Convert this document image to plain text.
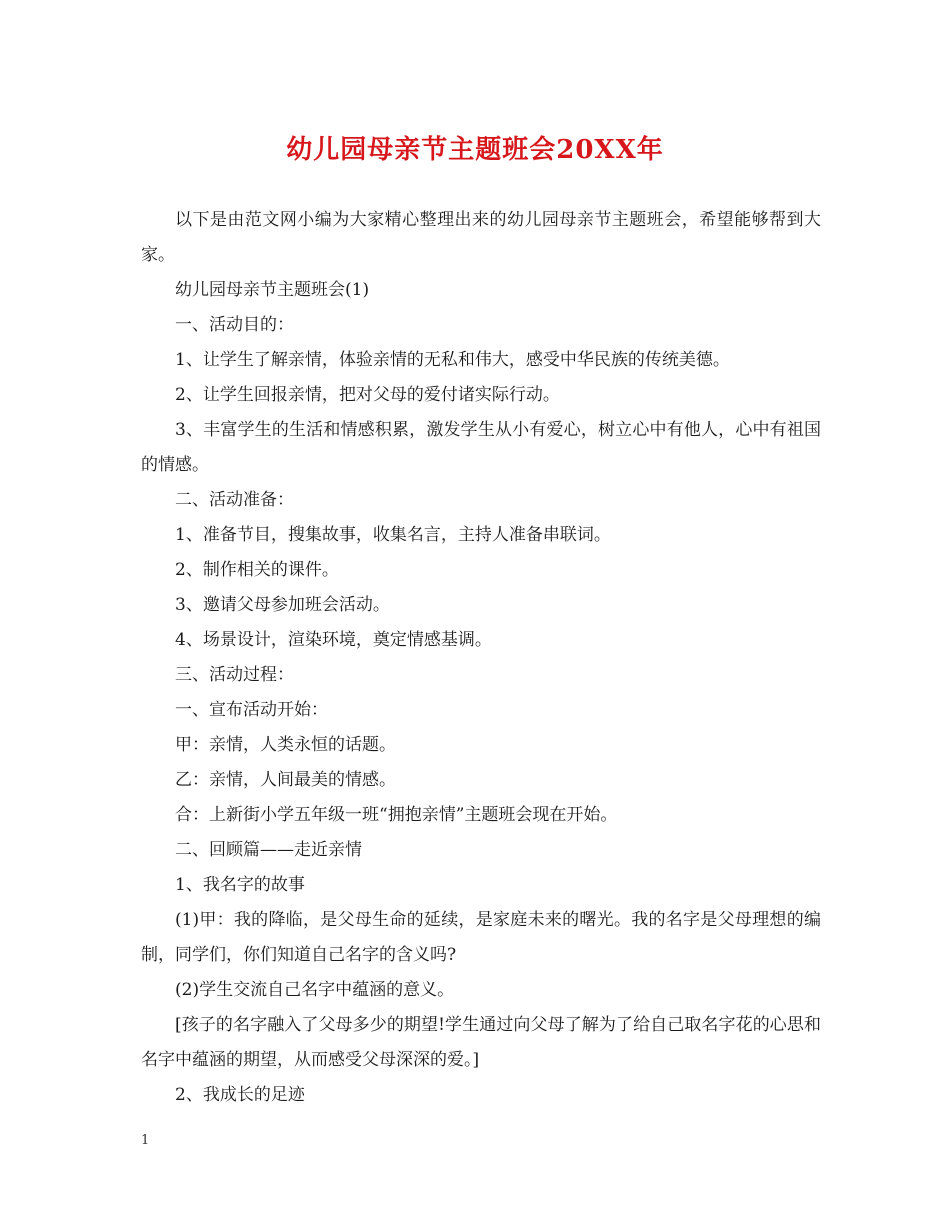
幼儿园母亲节主题班会20XX年

以下是由范文网小编为大家精心整理出来的幼儿园母亲节主题班会，希望能够帮到大家。

幼儿园母亲节主题班会(1)

一、活动目的：

1、让学生了解亲情，体验亲情的无私和伟大，感受中华民族的传统美德。

2、让学生回报亲情，把对父母的爱付诸实际行动。

3、丰富学生的生活和情感积累，激发学生从小有爱心，树立心中有他人，心中有祖国的情感。

二、活动准备：

1、准备节目，搜集故事，收集名言，主持人准备串联词。

2、制作相关的课件。

3、邀请父母参加班会活动。

4、场景设计，渲染环境，奠定情感基调。

三、活动过程：

一、宣布活动开始：

甲：亲情，人类永恒的话题。

乙：亲情，人间最美的情感。

合：上新街小学五年级一班“拥抱亲情”主题班会现在开始。

二、回顾篇——走近亲情

1、我名字的故事

(1)甲：我的降临，是父母生命的延续，是家庭未来的曙光。我的名字是父母理想的编制，同学们，你们知道自己名字的含义吗?

(2)学生交流自己名字中蕴涵的意义。

[孩子的名字融入了父母多少的期望!学生通过向父母了解为了给自己取名字花的心思和名字中蕴涵的期望，从而感受父母深深的爱。]

2、我成长的足迹

1
